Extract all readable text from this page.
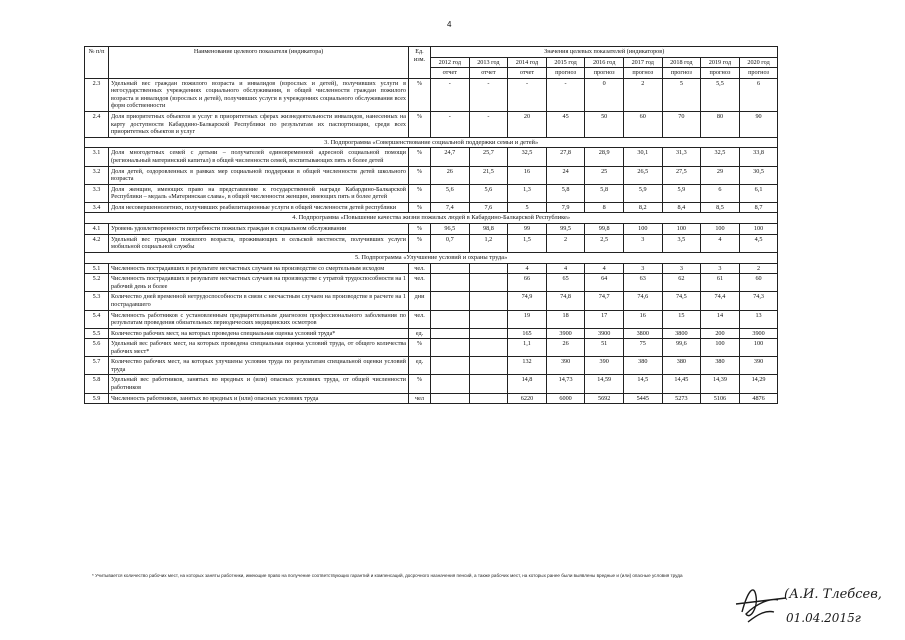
4
№ п/п	Наименование целевого показателя (индикатора)	Ед. изм.	Значения целевых показателей (индикаторов)								
			2012 год	2013 год	2014 год	2015 год	2016 год	2017 год	2018 год	2019 год	2020 год
			отчет	отчет	отчет	прогноз	прогноз	прогноз	прогноз	прогноз	прогноз
2.3	Удельный вес граждан пожилого возраста и инвалидов (взрослых и детей), получивших услуги в негосударственных учреждениях социального обслуживания, в общей численности граждан пожилого возраста и инвалидов (взрослых и детей), получивших услуги в учреждениях социального обслуживания всех форм собственности	%	-	-	-	-	0	2	5	5,5	6
2.4	Доля приоритетных объектов и услуг в приоритетных сферах жизнедеятельности инвалидов, нанесенных на карту доступности Кабардино-Балкарской Республики по результатам их паспортизации, среди всех приоритетных объектов и услуг	%	-	-	20	45	50	60	70	80	90
3. Подпрограмма «Совершенствование социальной поддержки семьи и детей»											
3.1	Доля многодетных семей с детьми – получателей единовременной адресной социальной помощи (региональный материнский капитал) в общей численности семей, воспитывающих пять и более детей	%	24,7	25,7	32,5	27,8	28,9	30,1	31,3	32,5	33,8
3.2	Доля детей, оздоровленных в рамках мер социальной поддержки в общей численности детей школьного возраста	%	26	21,5	16	24	25	26,5	27,5	29	30,5
3.3	Доля женщин, имеющих право на представление к государственной награде Кабардино-Балкарской Республики – медаль «Материнская слава», в общей численности женщин, имеющих пять и более детей	%	5,6	5,6	1,3	5,8	5,8	5,9	5,9	6	6,1
3.4	Доля несовершеннолетних, получивших реабилитационные услуги в общей численности детей республики	%	7,4	7,6	5	7,9	8	8,2	8,4	8,5	8,7
4. Подпрограмма «Повышение качества жизни пожилых людей в Кабардино-Балкарской Республике»											
4.1	Уровень удовлетворенности потребности пожилых граждан в социальном обслуживании	%	96,5	98,8	99	99,5	99,8	100	100	100	100
4.2	Удельный вес граждан пожилого возраста, проживающих в сельской местности, получивших услуги мобильной социальной службы	%	0,7	1,2	1,5	2	2,5	3	3,5	4	4,5
5. Подпрограмма «Улучшение условий и охраны труда»											
5.1	Численность пострадавших в результате несчастных случаев на производстве со смертельным исходом	чел.			4	4	4	3	3	3	2
5.2	Численность пострадавших в результате несчастных случаев на производстве с утратой трудоспособности на 1 рабочий день и более	чел.			66	65	64	63	62	61	60
5.3	Количество дней временной нетрудоспособности в связи с несчастным случаем на производстве в расчете на 1 пострадавшего	дни			74,9	74,8	74,7	74,6	74,5	74,4	74,3
5.4	Численность работников с установленным предварительным диагнозом профессионального заболевания по результатам проведения обязательных периодических медицинских осмотров	чел.			19	18	17	16	15	14	13
5.5	Количество рабочих мест, на которых проведена специальная оценка условий труда*	ед.			165	3900	3900	3800	3800	200	3900
5.6	Удельный вес рабочих мест, на которых проведена специальная оценка условий труда, от общего количества рабочих мест*	%			1,1	26	51	75	99,6	100	100
5.7	Количество рабочих мест, на которых улучшены условия труда по результатам специальной оценки условий труда	ед.			132	390	390	380	380	380	390
5.8	Удельный вес работников, занятых во вредных и (или) опасных условиях труда, от общей численности работников	%			14,8	14,73	14,59	14,5	14,45	14,39	14,29
5.9	Численность работников, занятых во вредных и (или) опасных условиях труда	чел			6220	6000	5692	5445	5273	5106	4876
* Учитывается количество рабочих мест, на которых заняты работники, имеющие право на получение соответствующих гарантий и компенсаций, досрочного назначения пенсий, а также рабочих мест, на которых ранее были выявлены вредные и (или) опасные условия труда
(А.И. Тлебсев,
01.04.2015г
